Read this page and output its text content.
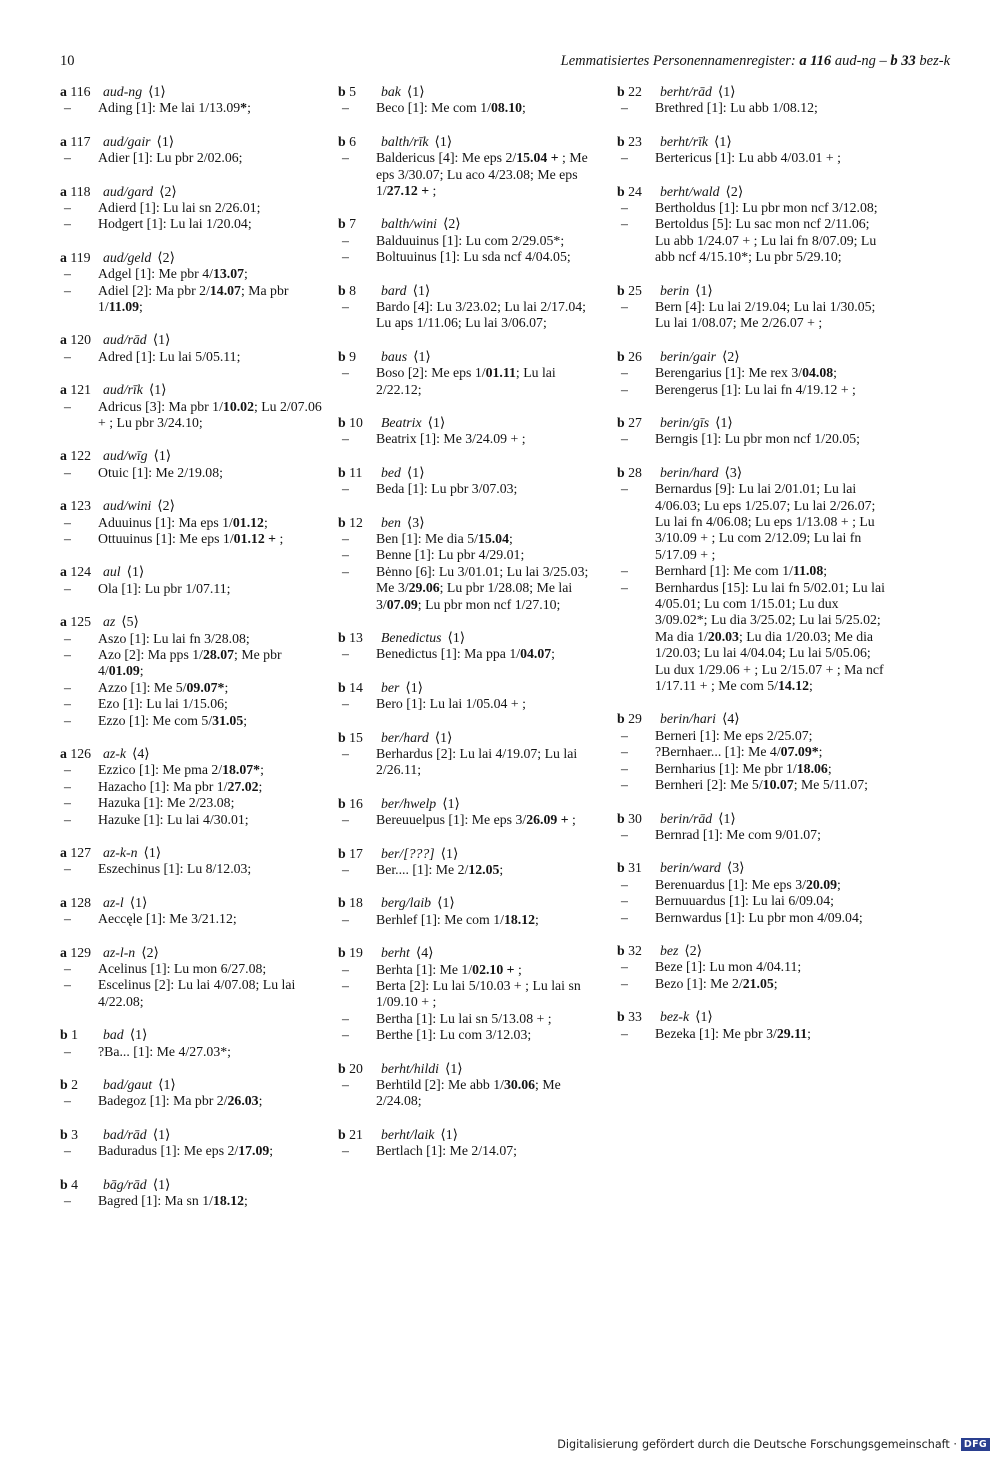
10	Lemmatisiertes Personennamenregister: a 116 aud-ng – b 33 bez-k
a 116 aud-ng ⟨1⟩
– Ading [1]: Me lai 1/13.09*;
a 117 aud/gair ⟨1⟩
– Adier [1]: Lu pbr 2/02.06;
a 118 aud/gard ⟨2⟩
– Adierd [1]: Lu lai sn 2/26.01;
– Hodgert [1]: Lu lai 1/20.04;
a 119 aud/geld ⟨2⟩
– Adgel [1]: Me pbr 4/13.07;
– Adiel [2]: Ma pbr 2/14.07; Ma pbr 1/11.09;
a 120 aud/rād ⟨1⟩
– Adred [1]: Lu lai 5/05.11;
a 121 aud/rīk ⟨1⟩
– Adricus [3]: Ma pbr 1/10.02; Lu 2/07.06 + ; Lu pbr 3/24.10;
a 122 aud/wīg ⟨1⟩
– Otuic [1]: Me 2/19.08;
a 123 aud/wini ⟨2⟩
– Aduuinus [1]: Ma eps 1/01.12;
– Ottuuinus [1]: Me eps 1/01.12 + ;
a 124 aul ⟨1⟩
– Ola [1]: Lu pbr 1/07.11;
a 125 az ⟨5⟩
– Aszo [1]: Lu lai fn 3/28.08;
– Azo [2]: Ma pps 1/28.07; Me pbr 4/01.09;
– Azzo [1]: Me 5/09.07*;
– Ezo [1]: Lu lai 1/15.06;
– Ezzo [1]: Me com 5/31.05;
a 126 az-k ⟨4⟩
– Ezzico [1]: Me pma 2/18.07*;
– Hazacho [1]: Ma pbr 1/27.02;
– Hazuka [1]: Me 2/23.08;
– Hazuke [1]: Lu lai 4/30.01;
a 127 az-k-n ⟨1⟩
– Eszechinus [1]: Lu 8/12.03;
a 128 az-l ⟨1⟩
– Aeccęle [1]: Me 3/21.12;
a 129 az-l-n ⟨2⟩
– Acelinus [1]: Lu mon 6/27.08;
– Escelinus [2]: Lu lai 4/07.08; Lu lai 4/22.08;
b 1 bad ⟨1⟩
– ?Ba... [1]: Me 4/27.03*;
b 2 bad/gaut ⟨1⟩
– Badegoz [1]: Ma pbr 2/26.03;
b 3 bad/rād ⟨1⟩
– Baduradus [1]: Me eps 2/17.09;
b 4 bāg/rād ⟨1⟩
– Bagred [1]: Ma sn 1/18.12;
b 5 bak ⟨1⟩
– Beco [1]: Me com 1/08.10;
b 6 balth/rīk ⟨1⟩
– Baldericus [4]: Me eps 2/15.04 + ; Me eps 3/30.07; Lu aco 4/23.08; Me eps 1/27.12 + ;
b 7 balth/wini ⟨2⟩
– Balduuinus [1]: Lu com 2/29.05*;
– Boltuuinus [1]: Lu sda ncf 4/04.05;
b 8 bard ⟨1⟩
– Bardo [4]: Lu 3/23.02; Lu lai 2/17.04; Lu aps 1/11.06; Lu lai 3/06.07;
b 9 baus ⟨1⟩
– Boso [2]: Me eps 1/01.11; Lu lai 2/22.12;
b 10 Beatrix ⟨1⟩
– Beatrix [1]: Me 3/24.09 + ;
b 11 bed ⟨1⟩
– Beda [1]: Lu pbr 3/07.03;
b 12 ben ⟨3⟩
– Ben [1]: Me dia 5/15.04;
– Benne [1]: Lu pbr 4/29.01;
– Bėnno [6]: Lu 3/01.01; Lu lai 3/25.03; Me 3/29.06; Lu pbr 1/28.08; Me lai 3/07.09; Lu pbr mon ncf 1/27.10;
b 13 Benedictus ⟨1⟩
– Benedictus [1]: Ma ppa 1/04.07;
b 14 ber ⟨1⟩
– Bero [1]: Lu lai 1/05.04 + ;
b 15 ber/hard ⟨1⟩
– Berhardus [2]: Lu lai 4/19.07; Lu lai 2/26.11;
b 16 ber/hwelp ⟨1⟩
– Bereuuelpus [1]: Me eps 3/26.09 + ;
b 17 ber/[???] ⟨1⟩
– Ber.... [1]: Me 2/12.05;
b 18 berg/laib ⟨1⟩
– Berhlef [1]: Me com 1/18.12;
b 19 berht ⟨4⟩
– Berhta [1]: Me 1/02.10 + ;
– Berta [2]: Lu lai 5/10.03 + ; Lu lai sn 1/09.10 + ;
– Bertha [1]: Lu lai sn 5/13.08 + ;
– Berthe [1]: Lu com 3/12.03;
b 20 berht/hildi ⟨1⟩
– Berhtild [2]: Me abb 1/30.06; Me 2/24.08;
b 21 berht/laik ⟨1⟩
– Bertlach [1]: Me 2/14.07;
b 22 berht/rād ⟨1⟩
– Brethred [1]: Lu abb 1/08.12;
b 23 berht/rīk ⟨1⟩
– Bertericus [1]: Lu abb 4/03.01 + ;
b 24 berht/wald ⟨2⟩
– Bertholdus [1]: Lu pbr mon ncf 3/12.08;
– Bertoldus [5]: Lu sac mon ncf 2/11.06; Lu abb 1/24.07 + ; Lu lai fn 8/07.09; Lu abb ncf 4/15.10*; Lu pbr 5/29.10;
b 25 berin ⟨1⟩
– Bern [4]: Lu lai 2/19.04; Lu lai 1/30.05; Lu lai 1/08.07; Me 2/26.07 + ;
b 26 berin/gair ⟨2⟩
– Berengarius [1]: Me rex 3/04.08;
– Berengerus [1]: Lu lai fn 4/19.12 + ;
b 27 berin/gīs ⟨1⟩
– Berngis [1]: Lu pbr mon ncf 1/20.05;
b 28 berin/hard ⟨3⟩
– Bernardus [9]: Lu lai 2/01.01; Lu lai 4/06.03; Lu eps 1/25.07; Lu lai 2/26.07; Lu lai fn 4/06.08; Lu eps 1/13.08 + ; Lu 3/10.09 + ; Lu com 2/12.09; Lu lai fn 5/17.09 + ;
– Bernhard [1]: Me com 1/11.08;
– Bernhardus [15]: Lu lai fn 5/02.01; Lu lai 4/05.01; Lu com 1/15.01; Lu dux 3/09.02*; Lu dia 3/25.02; Lu lai 5/25.02; Ma dia 1/20.03; Lu dia 1/20.03; Me dia 1/20.03; Lu lai 4/04.04; Lu lai 5/05.06; Lu dux 1/29.06 + ; Lu 2/15.07 + ; Ma ncf 1/17.11 + ; Me com 5/14.12;
b 29 berin/hari ⟨4⟩
– Berneri [1]: Me eps 2/25.07;
– ?Bernhaer... [1]: Me 4/07.09*;
– Bernharius [1]: Me pbr 1/18.06;
– Bernheri [2]: Me 5/10.07; Me 5/11.07;
b 30 berin/rād ⟨1⟩
– Bernrad [1]: Me com 9/01.07;
b 31 berin/ward ⟨3⟩
– Berenuardus [1]: Me eps 3/20.09;
– Bernuuardus [1]: Lu lai 6/09.04;
– Bernwardus [1]: Lu pbr mon 4/09.04;
b 32 bez ⟨2⟩
– Beze [1]: Lu mon 4/04.11;
– Bezo [1]: Me 2/21.05;
b 33 bez-k ⟨1⟩
– Bezeka [1]: Me pbr 3/29.11;
Digitalisierung gefördert durch die Deutsche Forschungsgemeinschaft · DFG
